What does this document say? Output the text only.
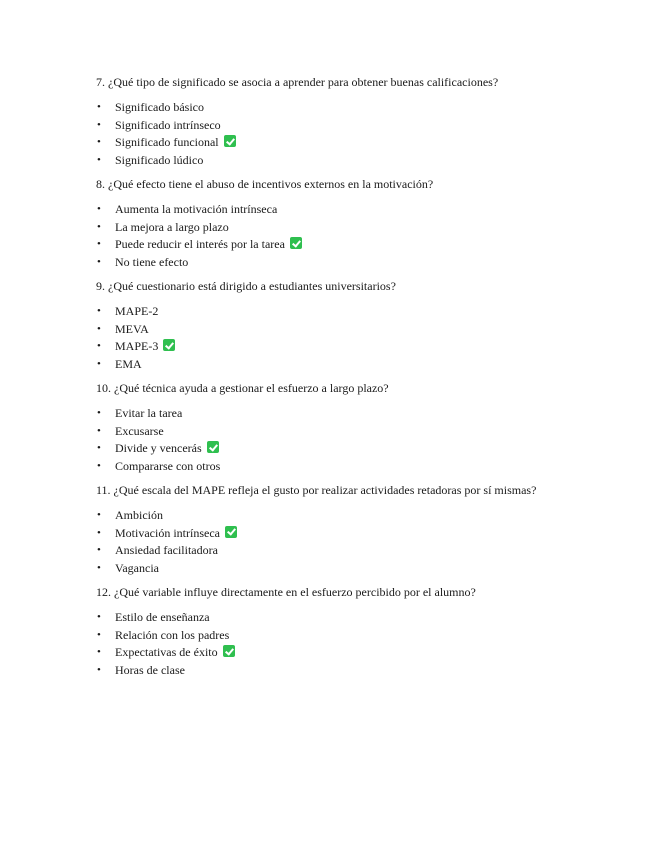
7. ¿Qué tipo de significado se asocia a aprender para obtener buenas calificaciones?

• Significado básico
• Significado intrínseco
• Significado funcional
• Significado lúdico

8. ¿Qué efecto tiene el abuso de incentivos externos en la motivación?

• Aumenta la motivación intrínseca
• La mejora a largo plazo
• Puede reducir el interés por la tarea
• No tiene efecto

9. ¿Qué cuestionario está dirigido a estudiantes universitarios?

• MAPE-2
• MEVA
• MAPE-3
• EMA

10. ¿Qué técnica ayuda a gestionar el esfuerzo a largo plazo?

• Evitar la tarea
• Excusarse
• Divide y vencerás
• Compararse con otros

11. ¿Qué escala del MAPE refleja el gusto por realizar actividades retadoras por sí mismas?

• Ambición
• Motivación intrínseca
• Ansiedad facilitadora
• Vagancia

12. ¿Qué variable influye directamente en el esfuerzo percibido por el alumno?

• Estilo de enseñanza
• Relación con los padres
• Expectativas de éxito
• Horas de clase
